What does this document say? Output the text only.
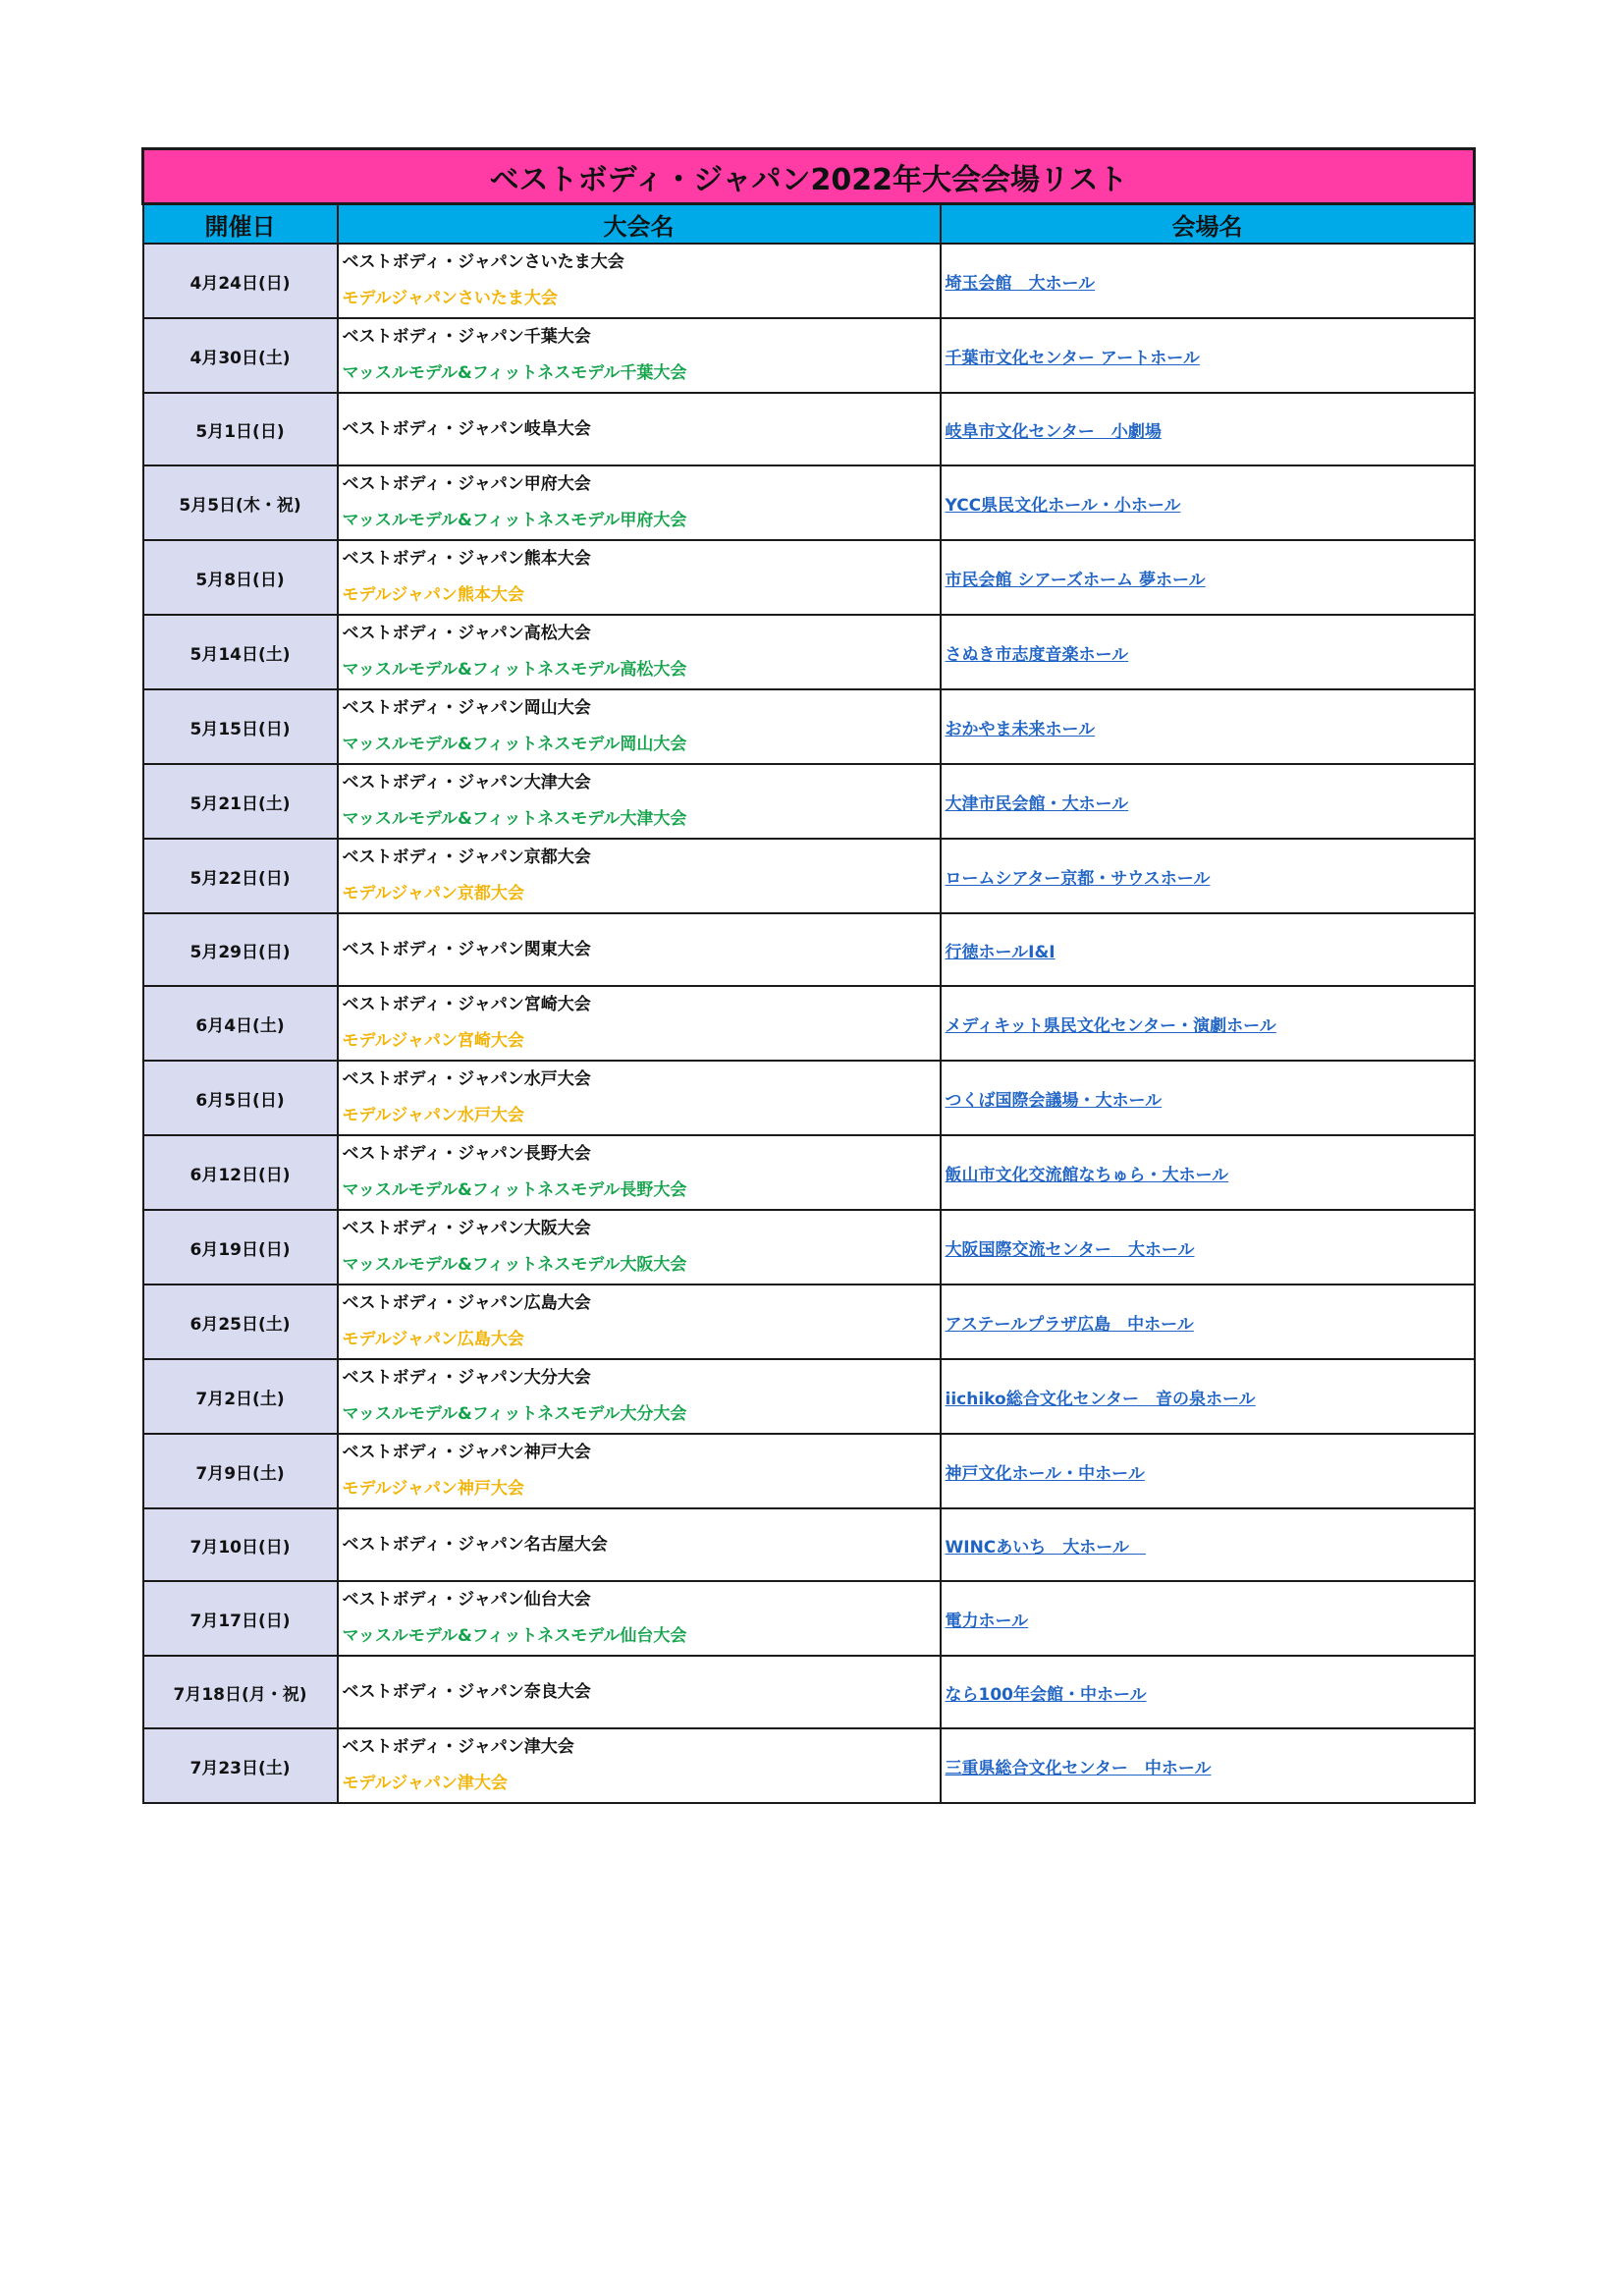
ベストボディ・ジャパン2022年大会会場リスト		
開催日	大会名	会場名
4月24日(日)	ベストボディ・ジャパンさいたま大会
モデルジャパンさいたま大会	埼玉会館　大ホール
4月30日(土)	ベストボディ・ジャパン千葉大会
マッスルモデル&フィットネスモデル千葉大会	千葉市文化センター アートホール
5月1日(日)	ベストボディ・ジャパン岐阜大会	岐阜市文化センター　小劇場
5月5日(木・祝)	ベストボディ・ジャパン甲府大会
マッスルモデル&フィットネスモデル甲府大会	YCC県民文化ホール・小ホール
5月8日(日)	ベストボディ・ジャパン熊本大会
モデルジャパン熊本大会	市民会館 シアーズホーム 夢ホール
5月14日(土)	ベストボディ・ジャパン高松大会
マッスルモデル&フィットネスモデル高松大会	さぬき市志度音楽ホール
5月15日(日)	ベストボディ・ジャパン岡山大会
マッスルモデル&フィットネスモデル岡山大会	おかやま未来ホール
5月21日(土)	ベストボディ・ジャパン大津大会
マッスルモデル&フィットネスモデル大津大会	大津市民会館・大ホール
5月22日(日)	ベストボディ・ジャパン京都大会
モデルジャパン京都大会	ロームシアター京都・サウスホール
5月29日(日)	ベストボディ・ジャパン関東大会	行徳ホールI&I
6月4日(土)	ベストボディ・ジャパン宮崎大会
モデルジャパン宮崎大会	メディキット県民文化センター・演劇ホール
6月5日(日)	ベストボディ・ジャパン水戸大会
モデルジャパン水戸大会	つくば国際会議場・大ホール
6月12日(日)	ベストボディ・ジャパン長野大会
マッスルモデル&フィットネスモデル長野大会	飯山市文化交流館なちゅら・大ホール
6月19日(日)	ベストボディ・ジャパン大阪大会
マッスルモデル&フィットネスモデル大阪大会	大阪国際交流センター　大ホール
6月25日(土)	ベストボディ・ジャパン広島大会
モデルジャパン広島大会	アステールプラザ広島　中ホール
7月2日(土)	ベストボディ・ジャパン大分大会
マッスルモデル&フィットネスモデル大分大会	iichiko総合文化センター　音の泉ホール
7月9日(土)	ベストボディ・ジャパン神戸大会
モデルジャパン神戸大会	神戸文化ホール・中ホール
7月10日(日)	ベストボディ・ジャパン名古屋大会	WINCあいち　大ホール　
7月17日(日)	ベストボディ・ジャパン仙台大会
マッスルモデル&フィットネスモデル仙台大会	電力ホール
7月18日(月・祝)	ベストボディ・ジャパン奈良大会	なら100年会館・中ホール
7月23日(土)	ベストボディ・ジャパン津大会
モデルジャパン津大会	三重県総合文化センター　中ホール
